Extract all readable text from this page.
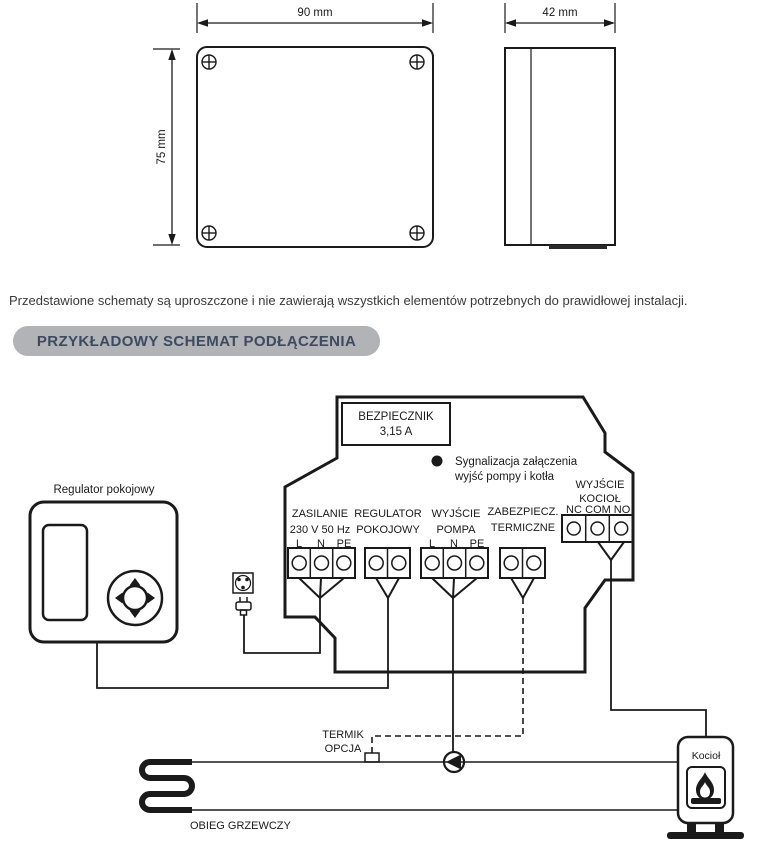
90 mm
75 mm
42 mm
Przedstawione schematy są uproszczone i nie zawierają wszystkich elementów potrzebnych do prawidłowej instalacji.
PRZYKŁADOWY SCHEMAT PODŁĄCZENIA
BEZPIECZNIK
3,15 A
Sygnalizacja załączenia
wyjść pompy i kotła
WYJŚCIE
KOCIOŁ
NC COM NO
ZASILANIE
230 V 50 Hz
L N PE
REGULATOR
POKOJOWY
WYJŚCIE
POMPA
L N PE
ZABEZPIECZ.
TERMICZNE
Regulator pokojowy
OBIEG GRZEWCZY
TERMIK
OPCJA
Kocioł
